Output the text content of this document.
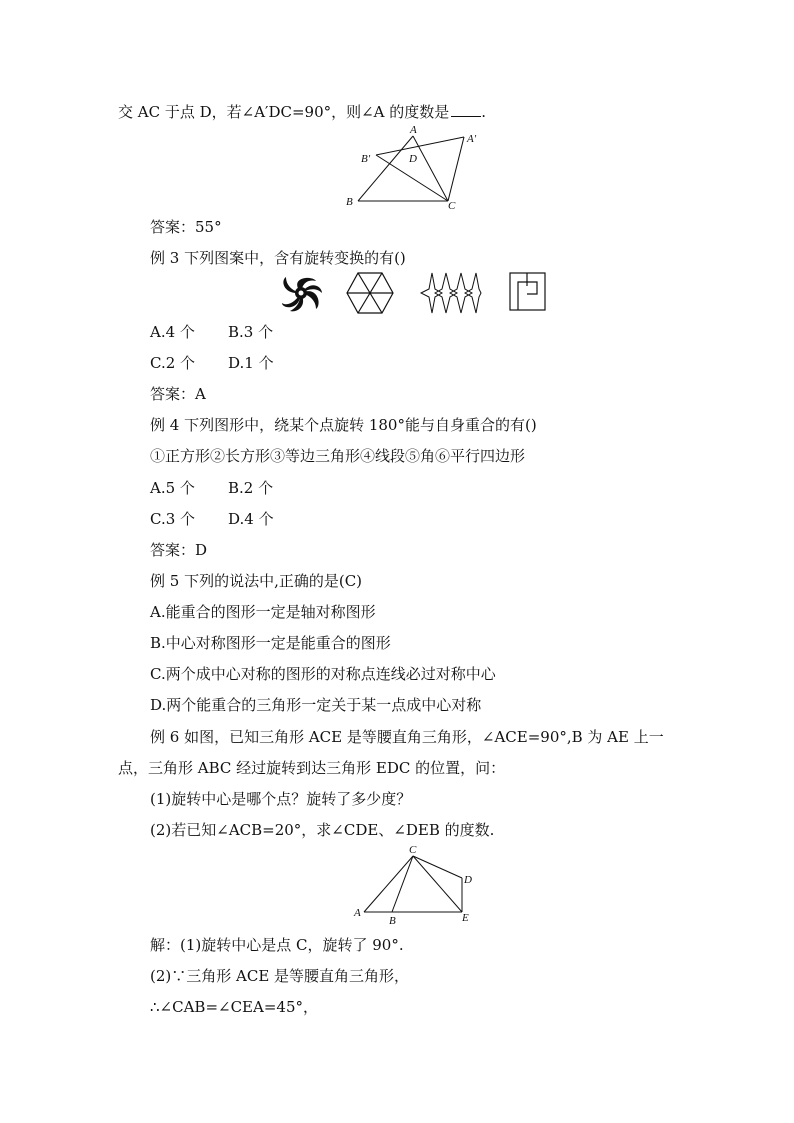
交 AC 于点 D，若∠A′DC=90°，则∠A 的度数是 .
A
A′
B′	D
B	C
答案：55°
例 3 下列图案中，含有旋转变换的有()
A.4 个 B.3 个
C.2 个 D.1 个
答案：A
例 4 下列图形中，绕某个点旋转 180°能与自身重合的有()
①正方形②长方形③等边三角形④线段⑤角⑥平行四边形
A.5 个 B.2 个
C.3 个 D.4 个
答案：D
例 5 下列的说法中,正确的是(C)
A.能重合的图形一定是轴对称图形
B.中心对称图形一定是能重合的图形
C.两个成中心对称的图形的对称点连线必过对称中心
D.两个能重合的三角形一定关于某一点成中心对称
例 6 如图，已知三角形 ACE 是等腰直角三角形，∠ACE=90°,B 为 AE 上一
点，三角形 ABC 经过旋转到达三角形 EDC 的位置，问：
(1)旋转中心是哪个点？旋转了多少度？
(2)若已知∠ACB=20°，求∠CDE、∠DEB 的度数.
C
D
A
B	E
解：(1)旋转中心是点 C，旋转了 90°.
(2)∵三角形 ACE 是等腰直角三角形，
∴∠CAB=∠CEA=45°，
